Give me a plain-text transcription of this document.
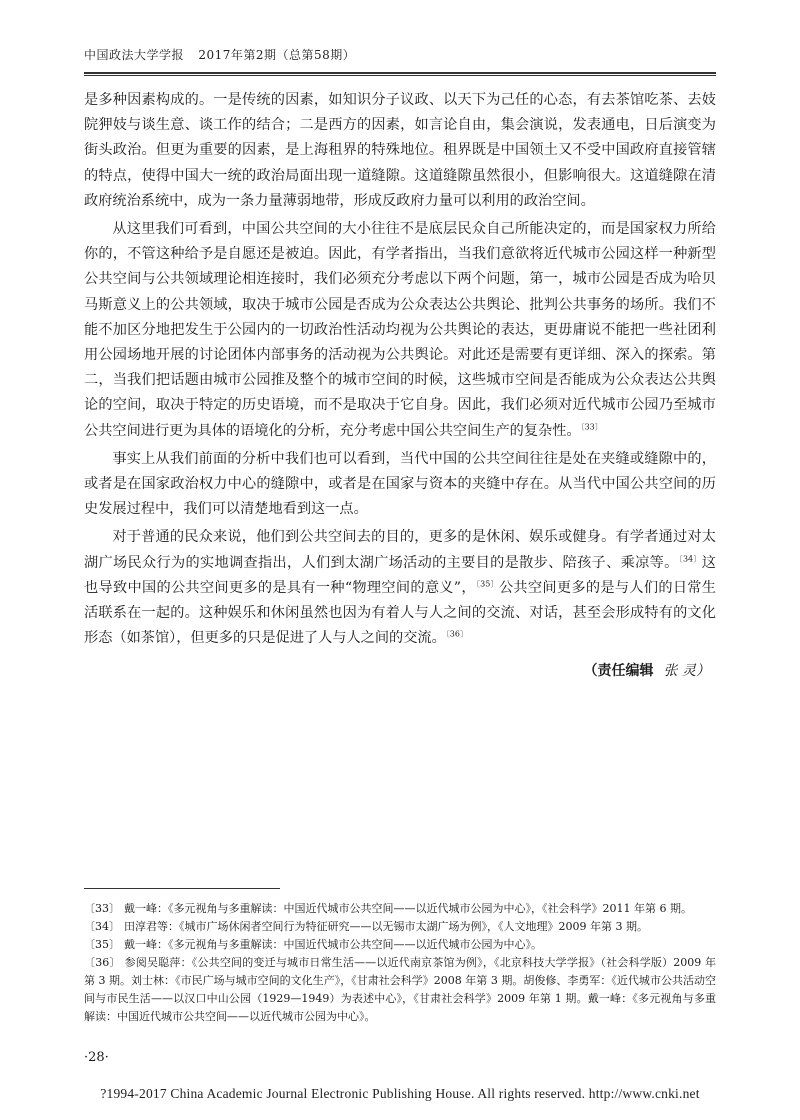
中国政法大学学报 2017年第2期（总第58期）

是多种因素构成的。一是传统的因素，如知识分子议政、以天下为己任的心态，有去茶馆吃茶、去妓院狎妓与谈生意、谈工作的结合；二是西方的因素，如言论自由，集会演说，发表通电，日后演变为街头政治。但更为重要的因素，是上海租界的特殊地位。租界既是中国领土又不受中国政府直接管辖的特点，使得中国大一统的政治局面出现一道缝隙。这道缝隙虽然很小，但影响很大。这道缝隙在清政府统治系统中，成为一条力量薄弱地带，形成反政府力量可以利用的政治空间。

从这里我们可看到，中国公共空间的大小往往不是底层民众自己所能决定的，而是国家权力所给你的，不管这种给予是自愿还是被迫。因此，有学者指出，当我们意欲将近代城市公园这样一种新型公共空间与公共领域理论相连接时，我们必须充分考虑以下两个问题，第一，城市公园是否成为哈贝马斯意义上的公共领域，取决于城市公园是否成为公众表达公共舆论、批判公共事务的场所。我们不能不加区分地把发生于公园内的一切政治性活动均视为公共舆论的表达，更毋庸说不能把一些社团利用公园场地开展的讨论团体内部事务的活动视为公共舆论。对此还是需要有更详细、深入的探索。第二，当我们把话题由城市公园推及整个的城市空间的时候，这些城市空间是否能成为公众表达公共舆论的空间，取决于特定的历史语境，而不是取决于它自身。因此，我们必须对近代城市公园乃至城市公共空间进行更为具体的语境化的分析，充分考虑中国公共空间生产的复杂性。$^{〔33〕}$

事实上从我们前面的分析中我们也可以看到，当代中国的公共空间往往是处在夹缝或缝隙中的，或者是在国家政治权力中心的缝隙中，或者是在国家与资本的夹缝中存在。从当代中国公共空间的历史发展过程中，我们可以清楚地看到这一点。

对于普通的民众来说，他们到公共空间去的目的，更多的是休闲、娱乐或健身。有学者通过对太湖广场民众行为的实地调查指出，人们到太湖广场活动的主要目的是散步、陪孩子、乘凉等。$^{〔34〕}$这也导致中国的公共空间更多的是具有一种“物理空间的意义”，$^{〔35〕}$公共空间更多的是与人们的日常生活联系在一起的。这种娱乐和休闲虽然也因为有着人与人之间的交流、对话，甚至会形成特有的文化形态（如茶馆），但更多的只是促进了人与人之间的交流。$^{〔36〕}$

（责任编辑 张 灵）
〔33〕 戴一峰：《多元视角与多重解读：中国近代城市公共空间——以近代城市公园为中心》，《社会科学》2011 年第 6 期。
〔34〕 田淳君等：《城市广场休闲者空间行为特征研究——以无锡市太湖广场为例》，《人文地理》2009 年第 3 期。
〔35〕 戴一峰：《多元视角与多重解读：中国近代城市公共空间——以近代城市公园为中心》。
〔36〕 参阅吴聪萍：《公共空间的变迁与城市日常生活——以近代南京茶馆为例》，《北京科技大学学报》（社会科学版）2009 年第 3 期。刘士林：《市民广场与城市空间的文化生产》，《甘肃社会科学》2008 年第 3 期。胡俊修、李勇军：《近代城市公共活动空间与市民生活——以汉口中山公园（1929—1949）为表述中心》，《甘肃社会科学》2009 年第 1 期。戴一峰：《多元视角与多重解读：中国近代城市公共空间——以近代城市公园为中心》。
·28·
?1994-2017 China Academic Journal Electronic Publishing House. All rights reserved. http://www.cnki.net
